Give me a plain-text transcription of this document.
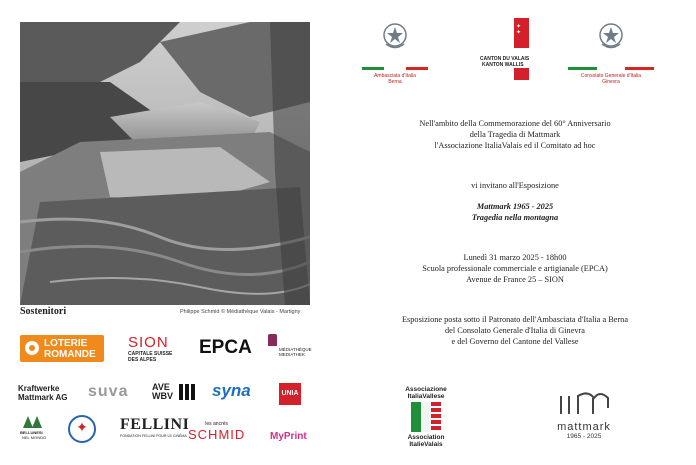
Sostenitori	Philippe Schmid © Médiathèque Valais - Martigny
LOTERIE
ROMANDE
SION
CAPITALE SUISSE
DES ALPES
EPCA	MÉDIATHÈQUE
MEDIATHEK
Kraftwerke
Mattmark AG suva	AVE
WBV syna	UNIA
BELLUNESI
NEL MONDO
✦	FELLINI
FONDATION FELLINI POUR LE CINÉMA
les ancrés
SCHMID MyPrint
Ambasciata d'Italia
Berna
✦
✦
CANTON DU VALAIS
KANTON WALLIS
Consolato Generale d'Italia
Ginevra
Nell'ambito della Commemorazione del 60° Anniversario
della Tragedia di Mattmark
l'Associazione ItaliaValais ed il Comitato ad hoc
vi invitano all'Esposizione
Mattmark 1965 - 2025
Tragedia nella montagna
Lunedì 31 marzo 2025 - 18h00
Scuola professionale commerciale e artigianale (EPCA)
Avenue de France 25 – SION
Esposizione posta sotto il Patronato dell'Ambasciata d'Italia a Berna
del Consolato Generale d'Italia di Ginevra
e del Governo del Cantone del Vallese
Associazione
ItaliaVallese
Association
ItalieValais
mattmark
1965 - 2025
